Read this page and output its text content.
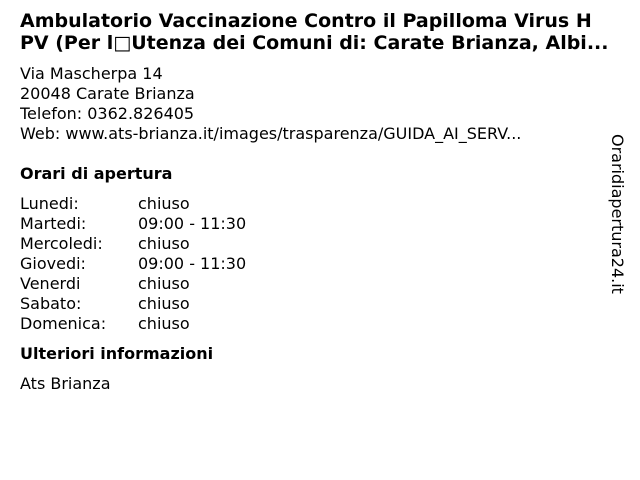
Ambulatorio Vaccinazione Contro il Papilloma Virus H
PV (Per l□Utenza dei Comuni di: Carate Brianza, Albi...
Via Mascherpa 14
20048 Carate Brianza
Telefon: 0362.826405
Web: www.ats-brianza.it/images/trasparenza/GUIDA_AI_SERV...
Orari di apertura
Lunedi:	chiuso
Martedi:	09:00 - 11:30
Mercoledi:	chiuso
Giovedi:	09:00 - 11:30
Venerdi	chiuso
Sabato:	chiuso
Domenica:	chiuso
Ulteriori informazioni
Ats Brianza
Oraridiapertura24.it
